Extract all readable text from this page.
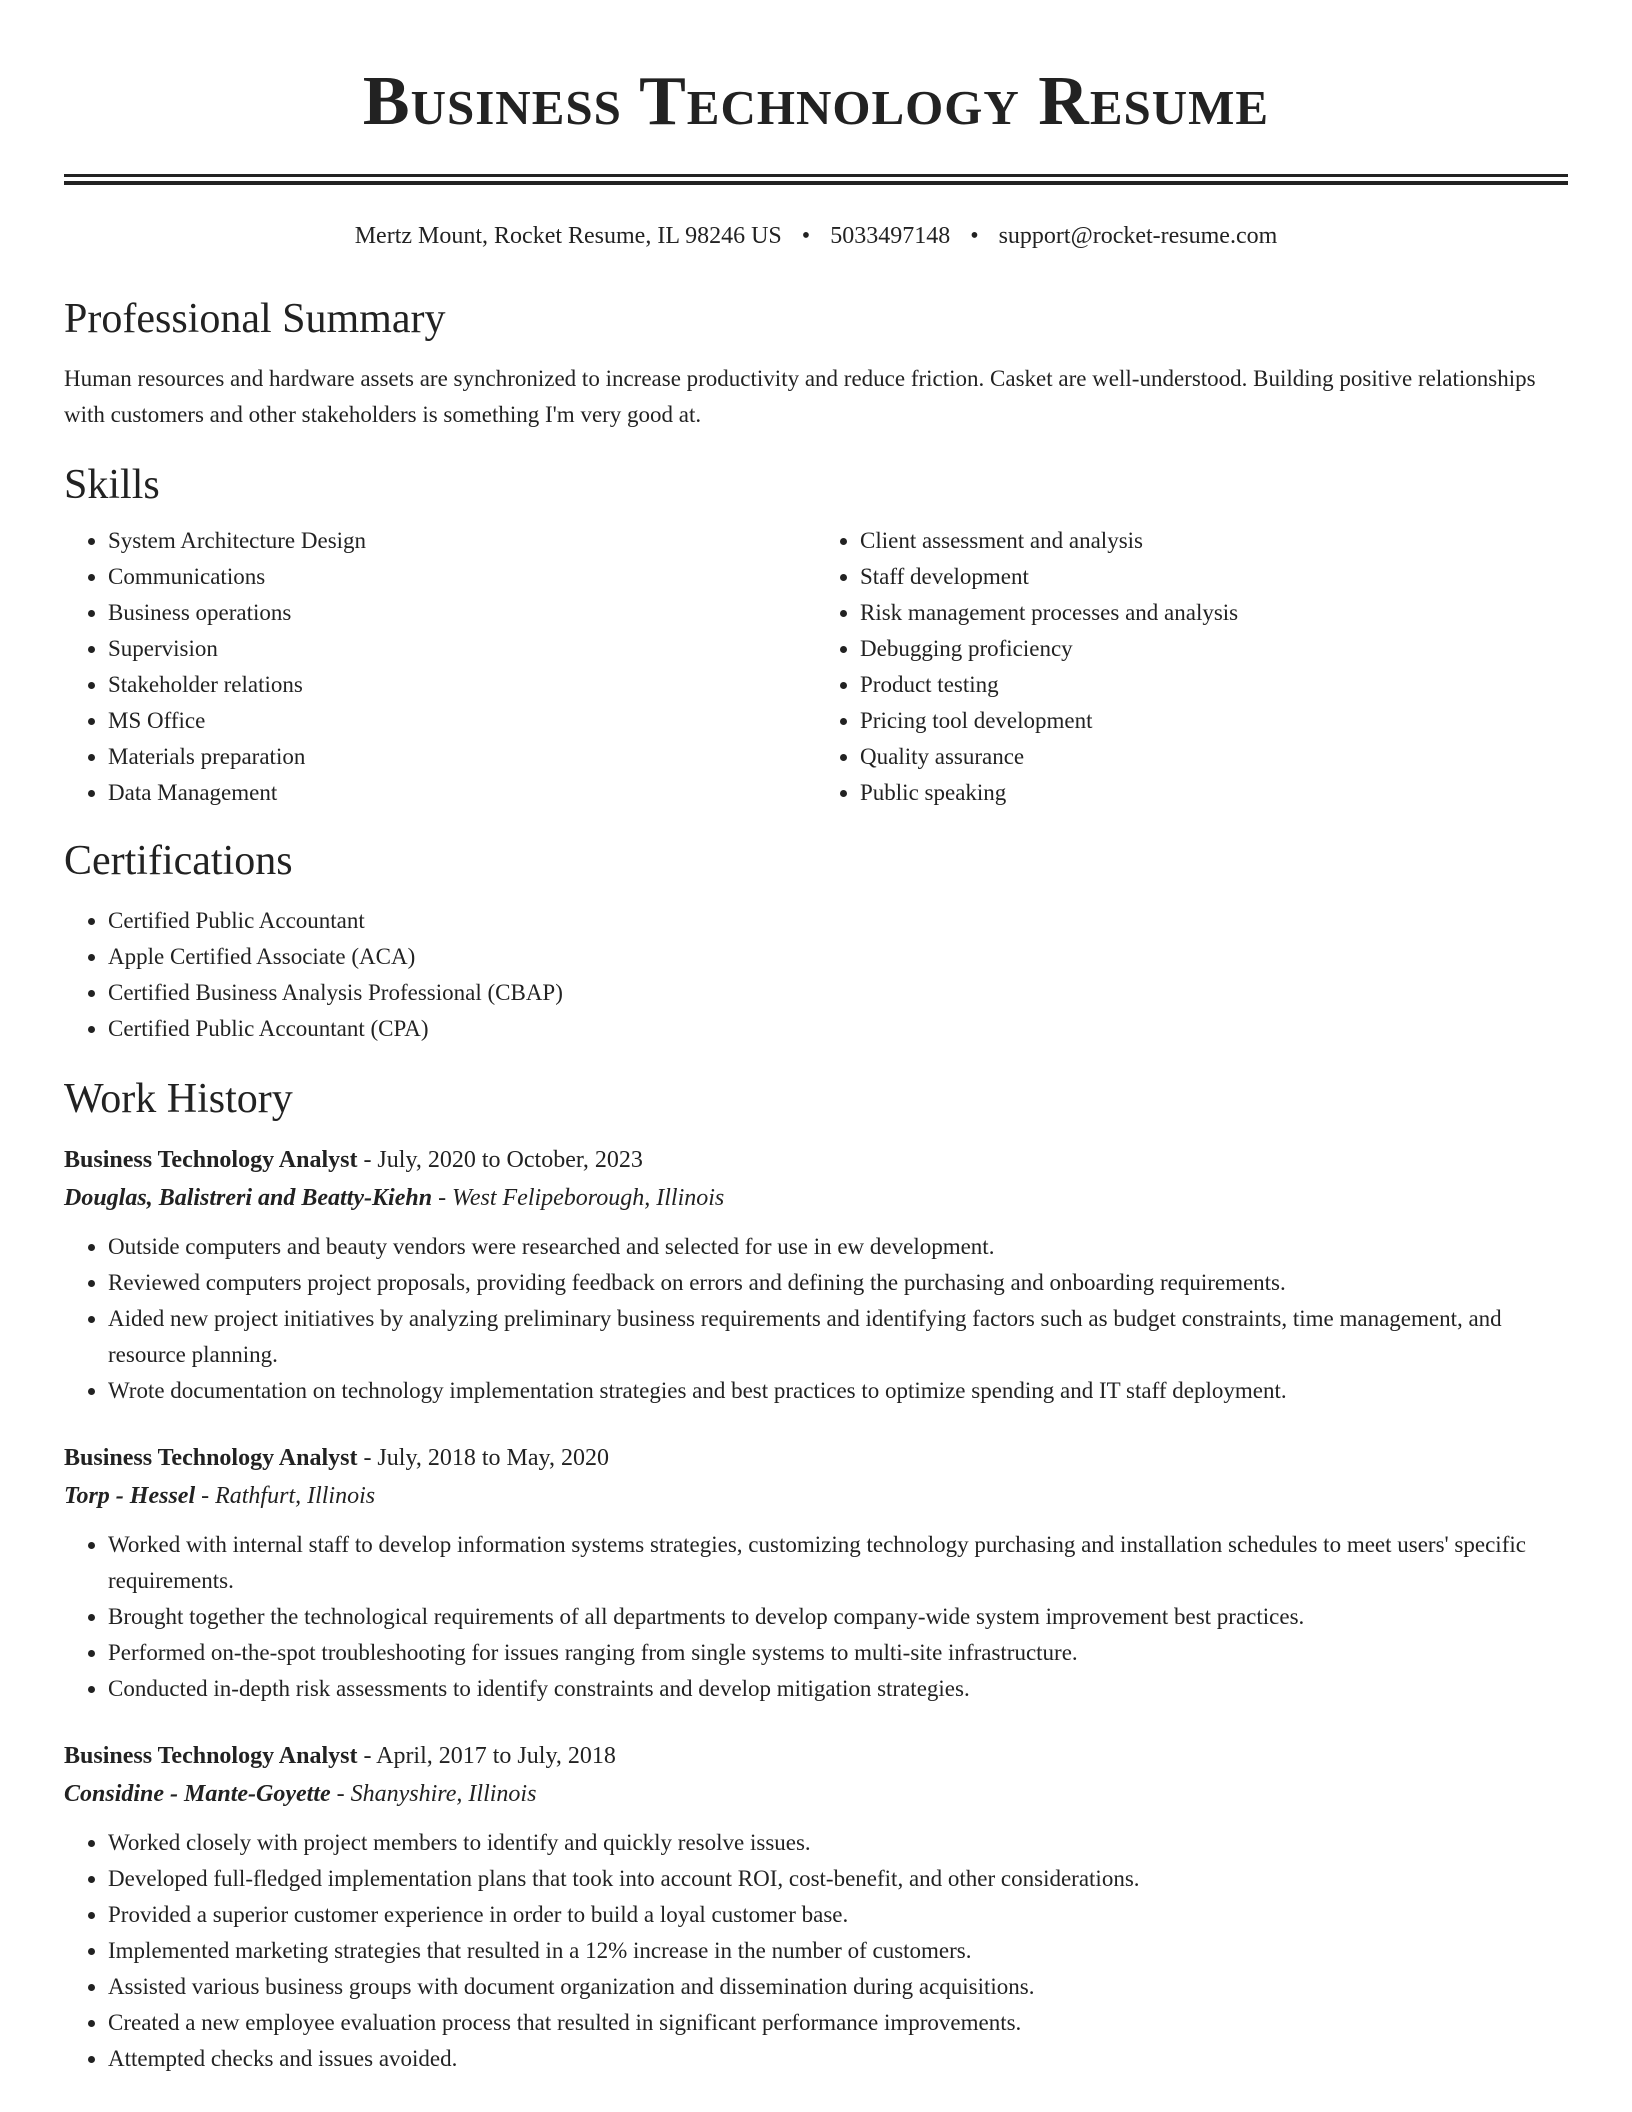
Business Technology Resume
Mertz Mount, Rocket Resume, IL 98246 US • 5033497148 • support@rocket-resume.com
Professional Summary

Human resources and hardware assets are synchronized to increase productivity and reduce friction. Casket are well-understood. Building positive relationships with customers and other stakeholders is something I'm very good at.

Skills
• System Architecture Design
• Communications
• Business operations
• Supervision
• Stakeholder relations
• MS Office
• Materials preparation
• Data Management
• Client assessment and analysis
• Staff development
• Risk management processes and analysis
• Debugging proficiency
• Product testing
• Pricing tool development
• Quality assurance
• Public speaking
Certifications
• Certified Public Accountant
• Apple Certified Associate (ACA)
• Certified Business Analysis Professional (CBAP)
• Certified Public Accountant (CPA)
Work History
Business Technology Analyst - July, 2020 to October, 2023
Douglas, Balistreri and Beatty-Kiehn - West Felipeborough, Illinois
• Outside computers and beauty vendors were researched and selected for use in ew development.
• Reviewed computers project proposals, providing feedback on errors and defining the purchasing and onboarding requirements.
• Aided new project initiatives by analyzing preliminary business requirements and identifying factors such as budget constraints, time management, and resource planning.
• Wrote documentation on technology implementation strategies and best practices to optimize spending and IT staff deployment.
Business Technology Analyst - July, 2018 to May, 2020
Torp - Hessel - Rathfurt, Illinois
• Worked with internal staff to develop information systems strategies, customizing technology purchasing and installation schedules to meet users' specific requirements.
• Brought together the technological requirements of all departments to develop company-wide system improvement best practices.
• Performed on-the-spot troubleshooting for issues ranging from single systems to multi-site infrastructure.
• Conducted in-depth risk assessments to identify constraints and develop mitigation strategies.
Business Technology Analyst - April, 2017 to July, 2018
Considine - Mante-Goyette - Shanyshire, Illinois
• Worked closely with project members to identify and quickly resolve issues.
• Developed full-fledged implementation plans that took into account ROI, cost-benefit, and other considerations.
• Provided a superior customer experience in order to build a loyal customer base.
• Implemented marketing strategies that resulted in a 12% increase in the number of customers.
• Assisted various business groups with document organization and dissemination during acquisitions.
• Created a new employee evaluation process that resulted in significant performance improvements.
• Attempted checks and issues avoided.
